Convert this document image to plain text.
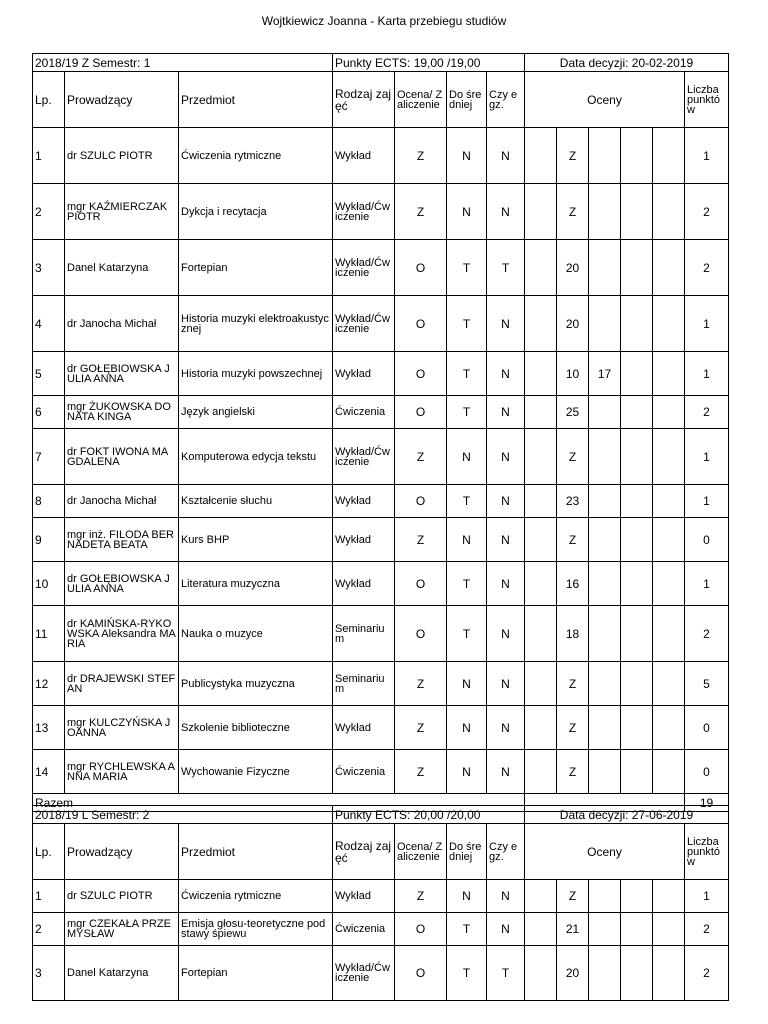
Wojtkiewicz Joanna - Karta przebiegu studiów
2018/19 Z Semestr: 1			Punkty ECTS: 19,00 /19,00				Data decyzji: 20-02-2019					
Lp.	Prowadzący	Przedmiot	Rodzaj zajęć	Ocena/ Zaliczenie	Do średniej	Czy egz.	Oceny					Liczba punktów
1	dr SZULC PIOTR	Ćwiczenia rytmiczne	Wykład	Z	N	N		Z				1
2	mgr KAŹMIERCZAK PIOTR	Dykcja i recytacja	Wykład/Ćwiczenie	Z	N	N		Z				2
3	Danel Katarzyna	Fortepian	Wykład/Ćwiczenie	O	T	T		20				2
4	dr Janocha Michał	Historia muzyki elektroakustycznej	Wykład/Ćwiczenie	O	T	N		20				1
5	dr GOŁĘBIOWSKA JULIA ANNA	Historia muzyki powszechnej	Wykład	O	T	N		10	17			1
6	mgr ŻUKOWSKA DONATA KINGA	Język angielski	Ćwiczenia	O	T	N		25				2
7	dr FOKT IWONA MAGDALENA	Komputerowa edycja tekstu	Wykład/Ćwiczenie	Z	N	N		Z				1
8	dr Janocha Michał	Kształcenie słuchu	Wykład	O	T	N		23				1
9	mgr inż. FILODA BERNADETA BEATA	Kurs BHP	Wykład	Z	N	N		Z				0
10	dr GOŁĘBIOWSKA JULIA ANNA	Literatura muzyczna	Wykład	O	T	N		16				1
11	dr KAMIŃSKA-RYKOWSKA Aleksandra MARIA	Nauka o muzyce	Seminarium	O	T	N		18				2
12	dr DRAJEWSKI STEFAN	Publicystyka muzyczna	Seminarium	Z	N	N		Z				5
13	mgr KULCZYŃSKA JOANNA	Szkolenie biblioteczne	Wykład	Z	N	N		Z				0
14	mgr RYCHLEWSKA ANNA MARIA	Wychowanie Fizyczne	Ćwiczenia	Z	N	N		Z				0
Razem												19
2018/19 L Semestr: 2			Punkty ECTS: 20,00 /20,00				Data decyzji: 27-06-2019					
Lp.	Prowadzący	Przedmiot	Rodzaj zajęć	Ocena/ Zaliczenie	Do średniej	Czy egz.	Oceny					Liczba punktów
1	dr SZULC PIOTR	Ćwiczenia rytmiczne	Wykład	Z	N	N		Z				1
2	mgr CZEKAŁA PRZEMYSŁAW	Emisja głosu-teoretyczne podstawy śpiewu	Ćwiczenia	O	T	N		21				2
3	Danel Katarzyna	Fortepian	Wykład/Ćwiczenie	O	T	T		20				2
